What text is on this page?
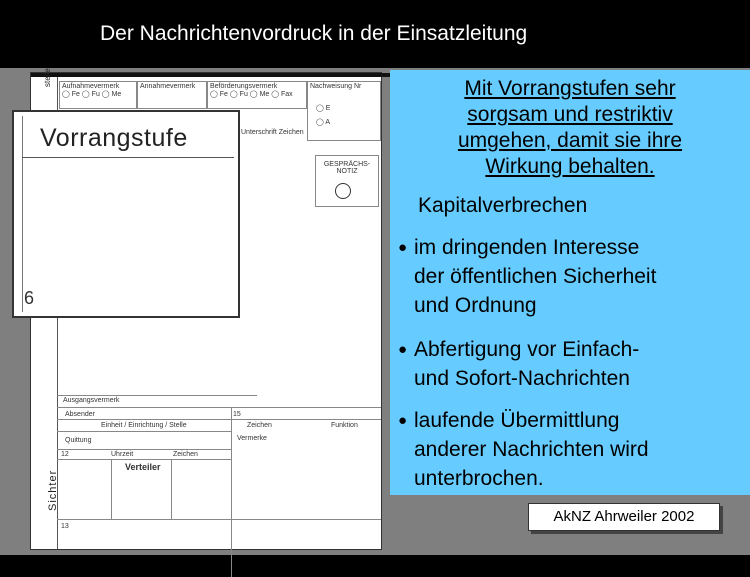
Der Nachrichtenvordruck in der Einsatzleitung
stelle Aufnahmevermerk
◯ Fe ◯ Fu ◯ Me
Annahmevermerk	Beförderungsvermerk
◯ Fe ◯ Fu ◯ Me ◯ Fax
Nachweisung Nr
◯ E
◯ A
Unterschrift Zeichen
GESPRÄCHS-
NOTIZ
Ausgangsvermerk
Absender
Einheit / Einrichtung / Stelle	Zeichen	Funktion
Quittung	Vermerke
12	Uhrzeit	Zeichen
Verteiler
13
15
Sichter
Vorrangstufe
6
Mit Vorrangstufen sehr
sorgsam und restriktiv
umgehen, damit sie ihre
Wirkung behalten.
Kapitalverbrechen
● im dringenden Interesse
der öffentlichen Sicherheit
und Ordnung
● Abfertigung vor Einfach-
und Sofort-Nachrichten
● laufende Übermittlung
anderer Nachrichten wird
unterbrochen.
AkNZ Ahrweiler 2002
